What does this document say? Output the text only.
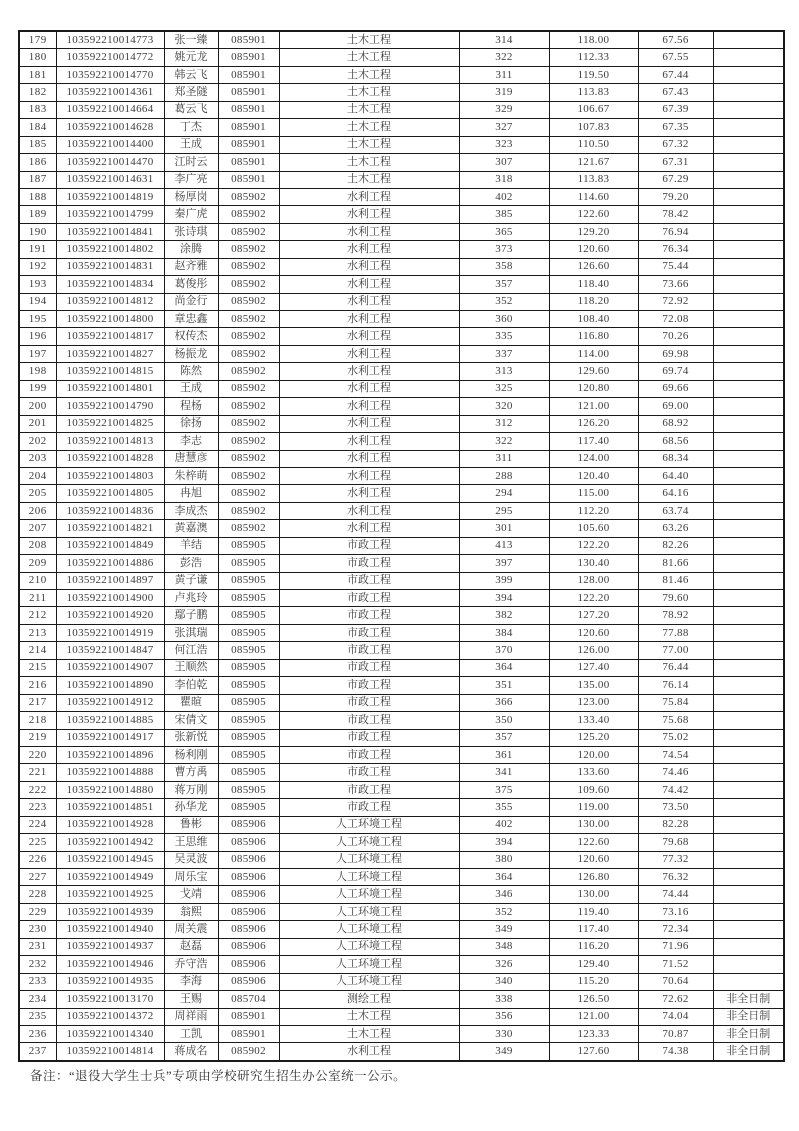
179	103592210014773	张一臻	085901	土木工程	314	118.00	67.56	
180	103592210014772	姚元龙	085901	土木工程	322	112.33	67.55	
181	103592210014770	韩云飞	085901	土木工程	311	119.50	67.44	
182	103592210014361	郑圣隧	085901	土木工程	319	113.83	67.43	
183	103592210014664	葛云飞	085901	土木工程	329	106.67	67.39	
184	103592210014628	丁杰	085901	土木工程	327	107.83	67.35	
185	103592210014400	王成	085901	土木工程	323	110.50	67.32	
186	103592210014470	江时云	085901	土木工程	307	121.67	67.31	
187	103592210014631	李广亮	085901	土木工程	318	113.83	67.29	
188	103592210014819	杨厚岗	085902	水利工程	402	114.60	79.20	
189	103592210014799	秦广虎	085902	水利工程	385	122.60	78.42	
190	103592210014841	张诗琪	085902	水利工程	365	129.20	76.94	
191	103592210014802	涂腾	085902	水利工程	373	120.60	76.34	
192	103592210014831	赵齐雅	085902	水利工程	358	126.60	75.44	
193	103592210014834	葛俊彤	085902	水利工程	357	118.40	73.66	
194	103592210014812	尚金行	085902	水利工程	352	118.20	72.92	
195	103592210014800	章忠鑫	085902	水利工程	360	108.40	72.08	
196	103592210014817	权传杰	085902	水利工程	335	116.80	70.26	
197	103592210014827	杨振龙	085902	水利工程	337	114.00	69.98	
198	103592210014815	陈然	085902	水利工程	313	129.60	69.74	
199	103592210014801	王成	085902	水利工程	325	120.80	69.66	
200	103592210014790	程杨	085902	水利工程	320	121.00	69.00	
201	103592210014825	徐扬	085902	水利工程	312	126.20	68.92	
202	103592210014813	李志	085902	水利工程	322	117.40	68.56	
203	103592210014828	唐慧彦	085902	水利工程	311	124.00	68.34	
204	103592210014803	朱梓萌	085902	水利工程	288	120.40	64.40	
205	103592210014805	冉旭	085902	水利工程	294	115.00	64.16	
206	103592210014836	李成杰	085902	水利工程	295	112.20	63.74	
207	103592210014821	黄嘉澳	085902	水利工程	301	105.60	63.26	
208	103592210014849	羊结	085905	市政工程	413	122.20	82.26	
209	103592210014886	彭浩	085905	市政工程	397	130.40	81.66	
210	103592210014897	黄子谦	085905	市政工程	399	128.00	81.46	
211	103592210014900	卢兆玲	085905	市政工程	394	122.20	79.60	
212	103592210014920	鄢子鹏	085905	市政工程	382	127.20	78.92	
213	103592210014919	张淇瑞	085905	市政工程	384	120.60	77.88	
214	103592210014847	何江浩	085905	市政工程	370	126.00	77.00	
215	103592210014907	王顺然	085905	市政工程	364	127.40	76.44	
216	103592210014890	李伯乾	085905	市政工程	351	135.00	76.14	
217	103592210014912	瞿暄	085905	市政工程	366	123.00	75.84	
218	103592210014885	宋倩文	085905	市政工程	350	133.40	75.68	
219	103592210014917	张新悦	085905	市政工程	357	125.20	75.02	
220	103592210014896	杨利刚	085905	市政工程	361	120.00	74.54	
221	103592210014888	曹方禹	085905	市政工程	341	133.60	74.46	
222	103592210014880	蒋万刚	085905	市政工程	375	109.60	74.42	
223	103592210014851	孙华龙	085905	市政工程	355	119.00	73.50	
224	103592210014928	鲁彬	085906	人工环境工程	402	130.00	82.28	
225	103592210014942	王思维	085906	人工环境工程	394	122.60	79.68	
226	103592210014945	吴灵波	085906	人工环境工程	380	120.60	77.32	
227	103592210014949	周乐宝	085906	人工环境工程	364	126.80	76.32	
228	103592210014925	戈靖	085906	人工环境工程	346	130.00	74.44	
229	103592210014939	翁熙	085906	人工环境工程	352	119.40	73.16	
230	103592210014940	周关震	085906	人工环境工程	349	117.40	72.34	
231	103592210014937	赵磊	085906	人工环境工程	348	116.20	71.96	
232	103592210014946	乔守浩	085906	人工环境工程	326	129.40	71.52	
233	103592210014935	李海	085906	人工环境工程	340	115.20	70.64	
234	103592210013170	王赐	085704	测绘工程	338	126.50	72.62	非全日制
235	103592210014372	周祥雨	085901	土木工程	356	121.00	74.04	非全日制
236	103592210014340	工凯	085901	土木工程	330	123.33	70.87	非全日制
237	103592210014814	蒋成名	085902	水利工程	349	127.60	74.38	非全日制
备注：“退役大学生士兵”专项由学校研究生招生办公室统一公示。
